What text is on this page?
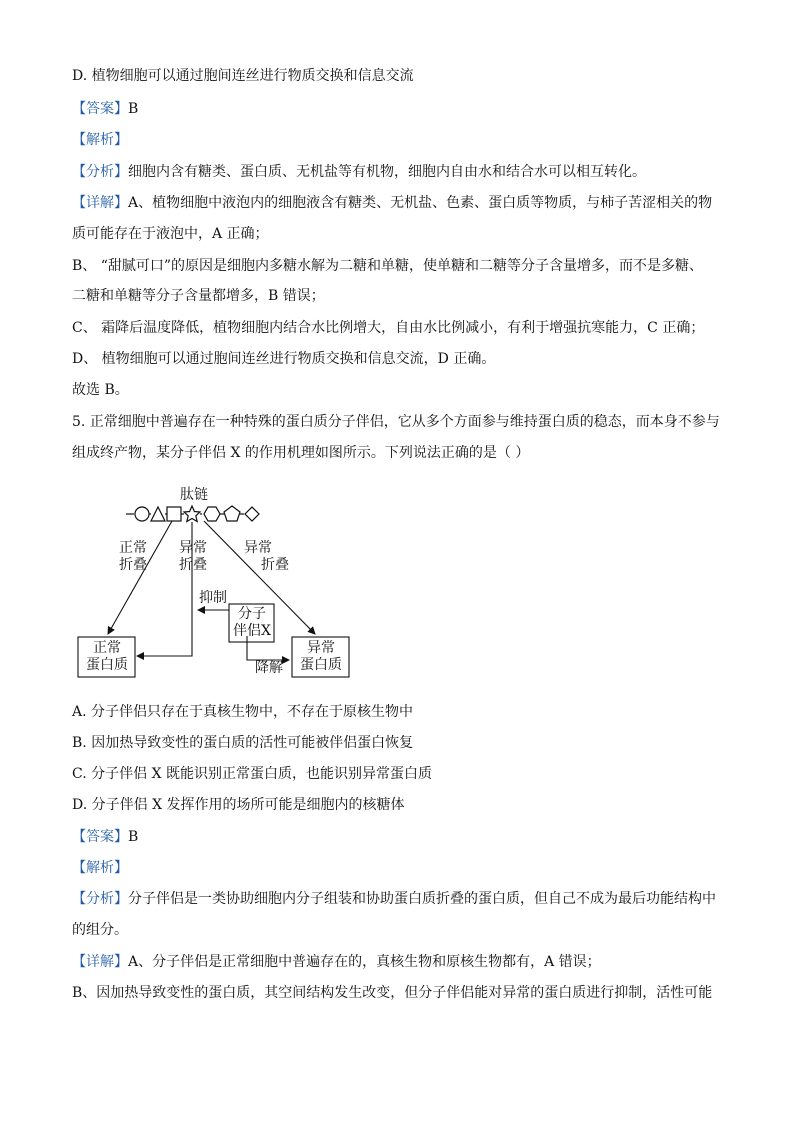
D. 植物细胞可以通过胞间连丝进行物质交换和信息交流
【答案】B
【解析】
【分析】细胞内含有糖类、蛋白质、无机盐等有机物，细胞内自由水和结合水可以相互转化。
【详解】A、植物细胞中液泡内的细胞液含有糖类、无机盐、色素、蛋白质等物质，与柿子苦涩相关的物
质可能存在于液泡中，A 正确；
B、 “甜腻可口”的原因是细胞内多糖水解为二糖和单糖，使单糖和二糖等分子含量增多，而不是多糖、
二糖和单糖等分子含量都增多，B 错误；
C、 霜降后温度降低，植物细胞内结合水比例增大，自由水比例减小，有利于增强抗寒能力，C 正确；
D、 植物细胞可以通过胞间连丝进行物质交换和信息交流，D 正确。
故选 B。
5. 正常细胞中普遍存在一种特殊的蛋白质分子伴侣，它从多个方面参与维持蛋白质的稳态，而本身不参与
组成终产物，某分子伴侣 X 的作用机理如图所示。下列说法正确的是（ ）
肽链
正常
折叠
异常
折叠
异常
折叠
抑制
分子
伴侣X
降解
正常
蛋白质
异常
蛋白质
A. 分子伴侣只存在于真核生物中，不存在于原核生物中
B. 因加热导致变性的蛋白质的活性可能被伴侣蛋白恢复
C. 分子伴侣 X 既能识别正常蛋白质，也能识别异常蛋白质
D. 分子伴侣 X 发挥作用的场所可能是细胞内的核糖体
【答案】B
【解析】
【分析】分子伴侣是一类协助细胞内分子组装和协助蛋白质折叠的蛋白质，但自己不成为最后功能结构中
的组分。
【详解】A、分子伴侣是正常细胞中普遍存在的，真核生物和原核生物都有，A 错误；
B、因加热导致变性的蛋白质，其空间结构发生改变，但分子伴侣能对异常的蛋白质进行抑制，活性可能
